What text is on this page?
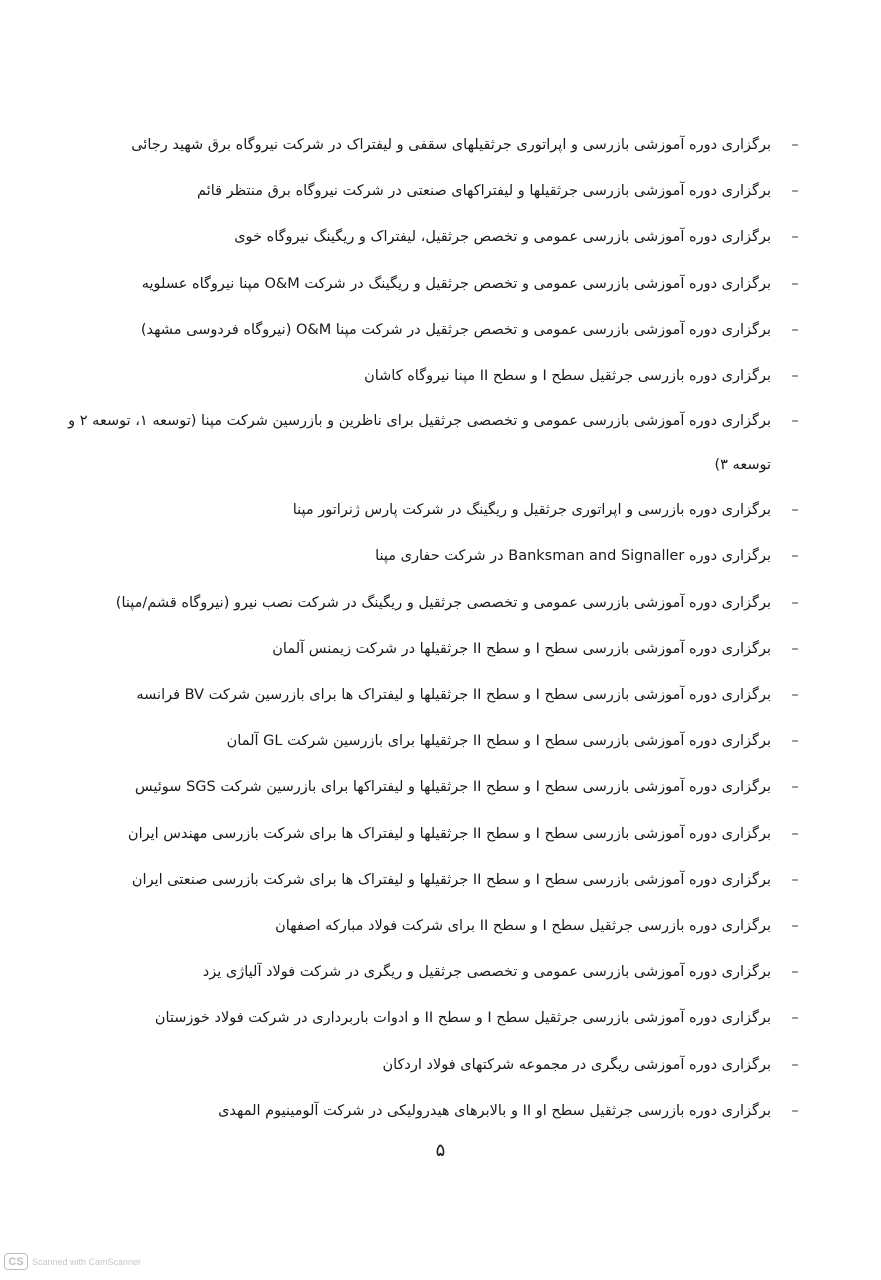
–
برگزاری دوره آموزشی بازرسی و اپراتوری جرثقیلهای سقفی و لیفتراک در شرکت نیروگاه برق شهید رجائی
–
برگزاری دوره آموزشی بازرسی جرثقیلها و لیفتراکهای صنعتی در شرکت نیروگاه برق منتظر قائم
–
برگزاری دوره آموزشی بازرسی عمومی و تخصص جرثقیل، لیفتراک و ریگینگ نیروگاه خوی
–
برگزاری دوره آموزشی بازرسی عمومی و تخصص جرثقیل و ریگینگ در شرکت O&M مپنا نیروگاه عسلویه
–
برگزاری دوره آموزشی بازرسی عمومی و تخصص جرثقیل در شرکت مپنا O&M (نیروگاه فردوسی مشهد)
–
برگزاری دوره بازرسی جرثقیل سطح I و سطح II مپنا نیروگاه کاشان
–
برگزاری دوره آموزشی بازرسی عمومی و تخصصی جرثقیل برای ناظرین و بازرسین شرکت مپنا (توسعه ۱، توسعه ۲ و توسعه ۳)
–
برگزاری دوره بازرسی و اپراتوری جرثقیل و ریگینگ در شرکت پارس ژنراتور مپنا
–
برگزاری دوره Banksman and Signaller در شرکت حفاری مپنا
–
برگزاری دوره آموزشی بازرسی عمومی و تخصصی جرثقیل و ریگینگ در شرکت نصب نیرو (نیروگاه قشم/مپنا)
–
برگزاری دوره آموزشی بازرسی سطح I و سطح II جرثقیلها در شرکت زیمنس آلمان
–
برگزاری دوره آموزشی بازرسی سطح I و سطح II جرثقیلها و لیفتراک ها برای بازرسین شرکت BV فرانسه
–
برگزاری دوره آموزشی بازرسی سطح I و سطح II جرثقیلها برای بازرسین شرکت GL آلمان
–
برگزاری دوره آموزشی بازرسی سطح I و سطح II جرثقیلها و لیفتراکها برای بازرسین شرکت SGS سوئیس
–
برگزاری دوره آموزشی بازرسی سطح I و سطح II جرثقیلها و لیفتراک ها برای شرکت بازرسی مهندس ایران
–
برگزاری دوره آموزشی بازرسی سطح I و سطح II جرثقیلها و لیفتراک ها برای شرکت بازرسی صنعتی ایران
–
برگزاری دوره بازرسی جرثقیل سطح I و سطح II برای شرکت فولاد مبارکه اصفهان
–
برگزاری دوره آموزشی بازرسی عمومی و تخصصی جرثقیل و ریگری در شرکت فولاد آلیاژی یزد
–
برگزاری دوره آموزشی بازرسی جرثقیل سطح I و سطح II و ادوات باربرداری در شرکت فولاد خوزستان
–
برگزاری دوره آموزشی ریگری در مجموعه شرکتهای فولاد اردکان
–
برگزاری دوره بازرسی جرثقیل سطح او II و بالابرهای هیدرولیکی در شرکت آلومینیوم المهدی
۵
CS Scanned with CamScanner
